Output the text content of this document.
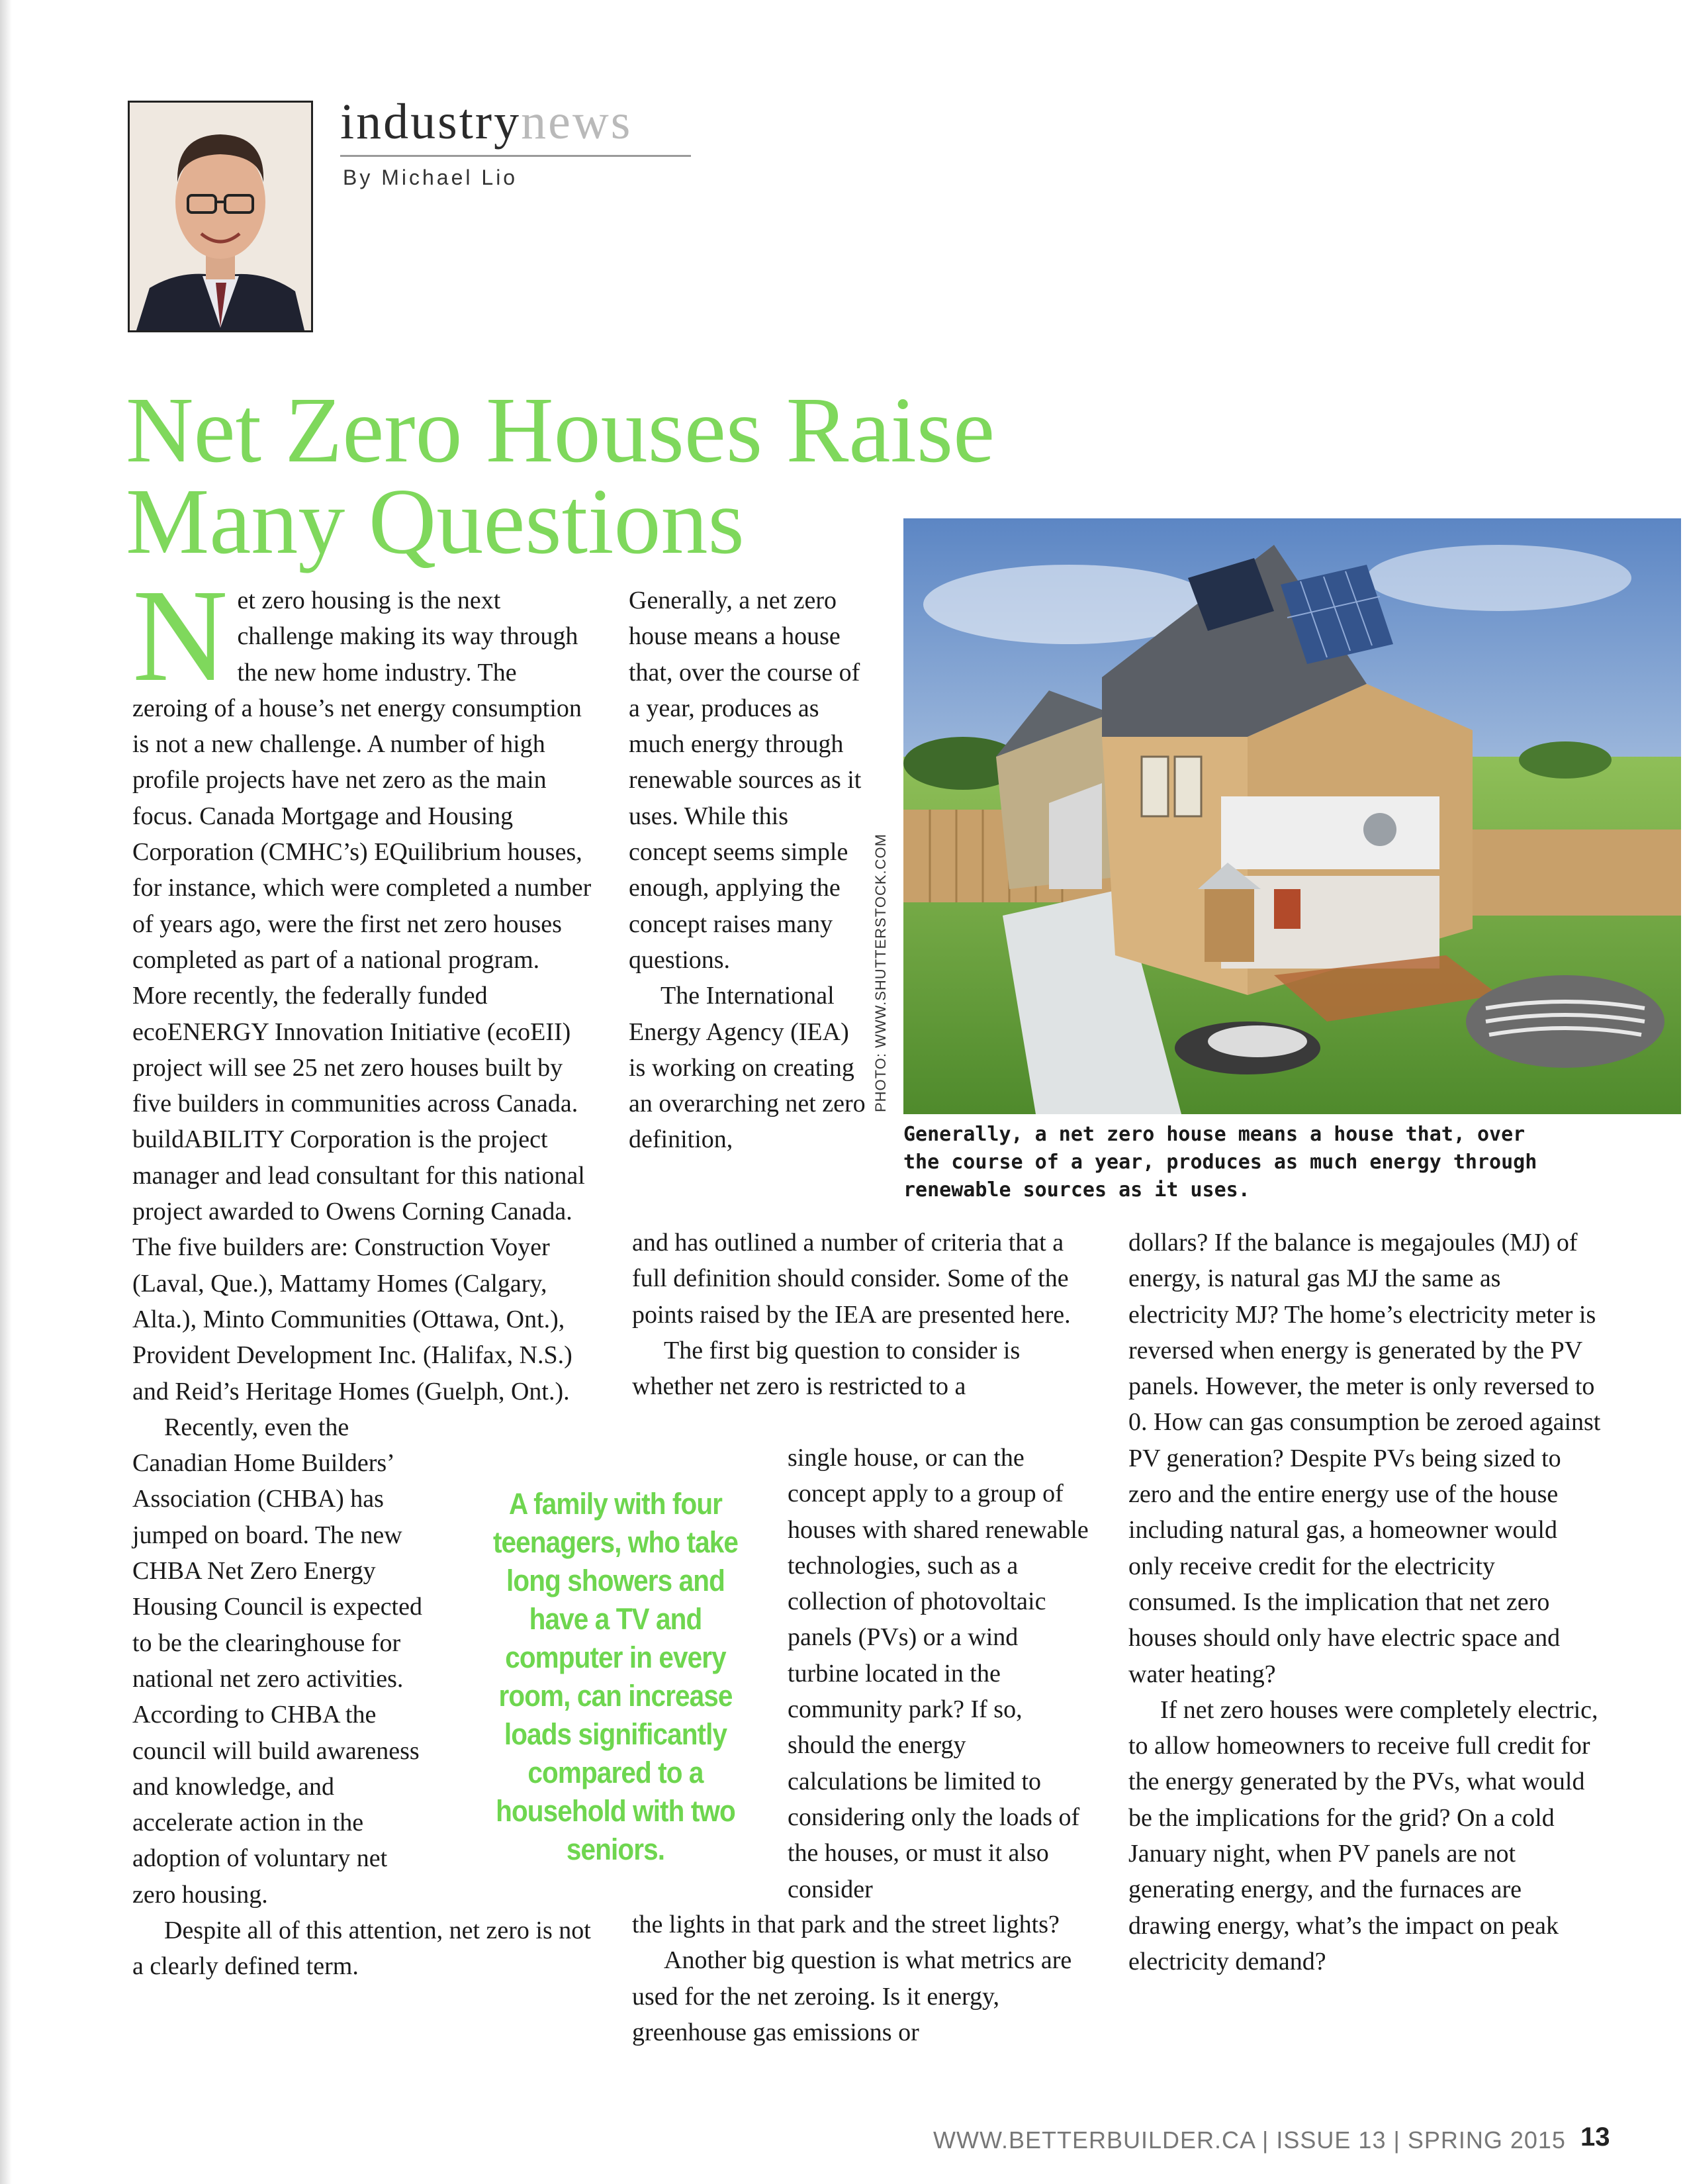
industrynews
By Michael Lio
Net Zero Houses Raise
Many Questions

Net zero housing is the next challenge making its way through the new home industry. The zeroing of a house’s net energy consumption is not a new challenge. A number of high profile projects have net zero as the main focus. Canada Mortgage and Housing Corporation (CMHC’s) EQuilibrium houses, for instance, which were completed a number of years ago, were the first net zero houses completed as part of a national program. More recently, the federally funded ecoENERGY Innovation Initiative (ecoEII) project will see 25 net zero houses built by five builders in communities across Canada. buildABILITY Corporation is the project manager and lead consultant for this national project awarded to Owens Corning Canada. The five builders are: Construction Voyer (Laval, Que.), Mattamy Homes (Calgary, Alta.), Minto Communities (Ottawa, Ont.), Provident Development Inc. (Halifax, N.S.) and Reid’s Heritage Homes (Guelph, Ont.).

Recently, even the Canadian Home Builders’ Association (CHBA) has jumped on board. The new CHBA Net Zero Energy Housing Council is expected to be the clearinghouse for national net zero activities. According to CHBA the council will build awareness and knowledge, and accelerate action in the adoption of voluntary net zero housing.

Despite all of this attention, net zero is not a clearly defined term.

Generally, a net zero house means a house that, over the course of a year, produces as much energy through renewable sources as it uses. While this concept seems simple enough, applying the concept raises many questions.

The International Energy Agency (IEA) is working on creating an overarching net zero definition,

and has outlined a number of criteria that a full definition should consider. Some of the points raised by the IEA are presented here.

The first big question to consider is whether net zero is restricted to a

single house, or can the concept apply to a group of houses with shared renewable technologies, such as a collection of photovoltaic panels (PVs) or a wind turbine located in the community park? If so, should the energy calculations be limited to considering only the loads of the houses, or must it also consider

the lights in that park and the street lights?

Another big question is what metrics are used for the net zeroing. Is it energy, greenhouse gas emissions or

dollars? If the balance is megajoules (MJ) of energy, is natural gas MJ the same as electricity MJ? The home’s electricity meter is reversed when energy is generated by the PV panels. However, the meter is only reversed to 0. How can gas consumption be zeroed against PV generation? Despite PVs being sized to zero and the entire energy use of the house including natural gas, a homeowner would only receive credit for the electricity consumed. Is the implication that net zero houses should only have electric space and water heating?

If net zero houses were completely electric, to allow homeowners to receive full credit for the energy generated by the PVs, what would be the implications for the grid? On a cold January night, when PV panels are not generating energy, and the furnaces are drawing energy, what’s the impact on peak electricity demand?

A family with four teenagers, who take long showers and have a TV and computer in every room, can increase loads significantly compared to a household with two seniors.
PHOTO: WWW.SHUTTERSTOCK.COM
Generally, a net zero house means a house that, over the course of a year, produces as much energy through renewable sources as it uses.
WWW.BETTERBUILDER.CA | ISSUE 13 | SPRING 2015 13
